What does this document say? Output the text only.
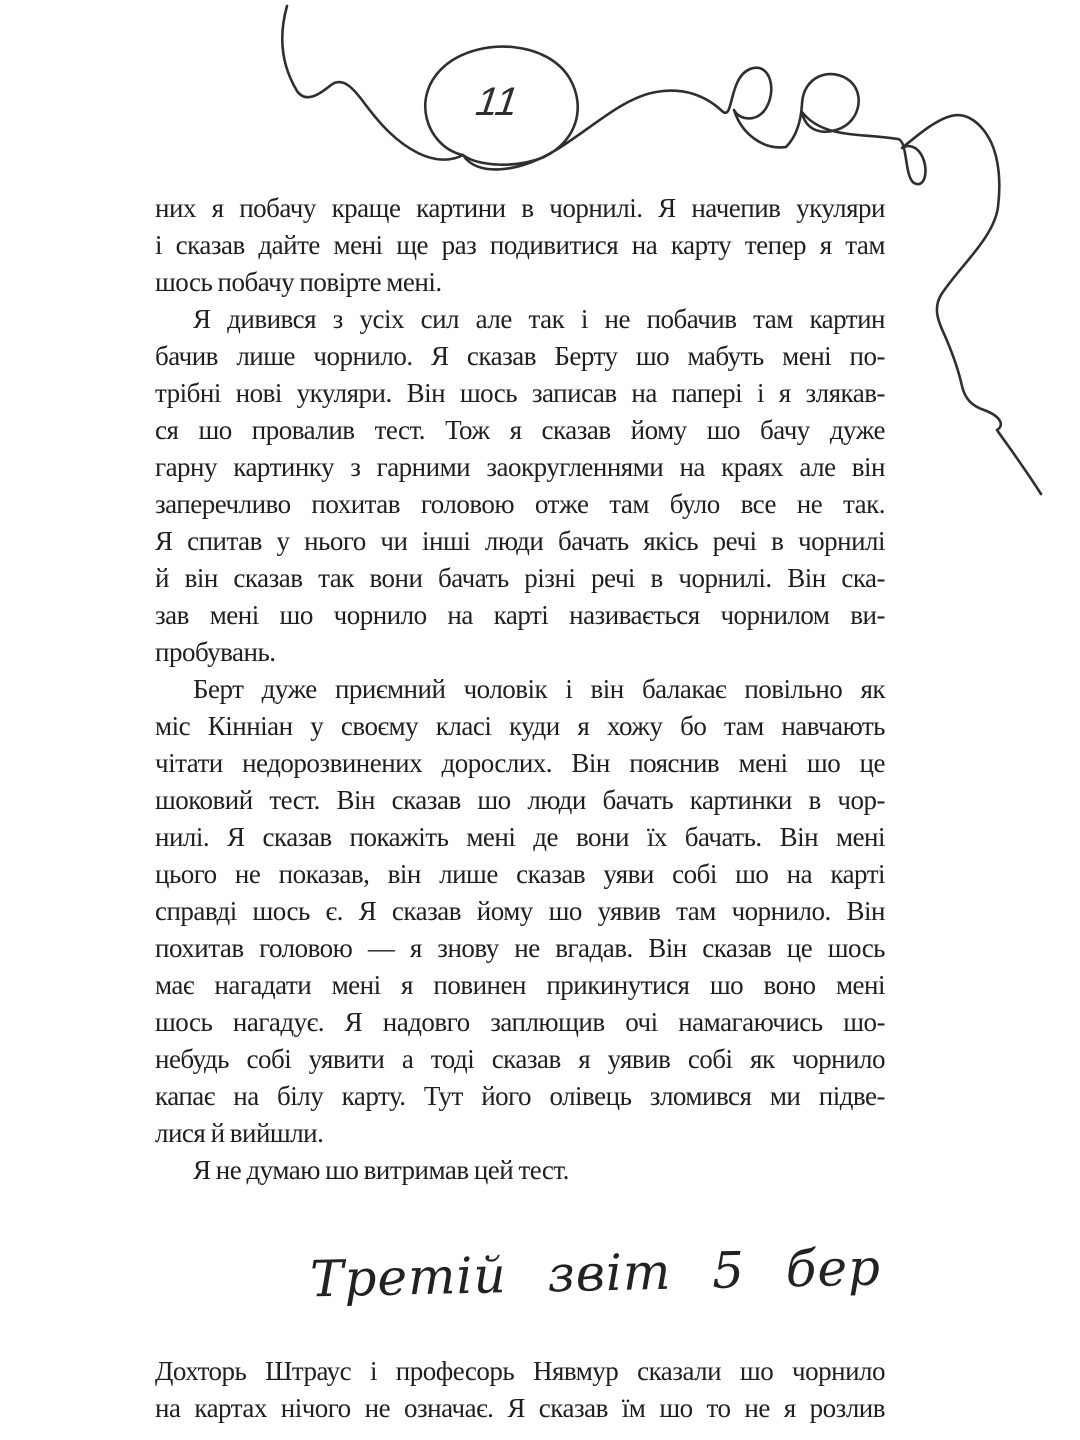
11
них я побачу краще картини в чорнилі. Я начепив укуляри
і сказав дайте мені ще раз подивитися на карту тепер я там
шось побачу повірте мені.
Я дивився з усіх сил але так і не побачив там картин
бачив лише чорнило. Я сказав Берту шо мабуть мені по-
трібні нові укуляри. Він шось записав на папері і я злякав-
ся шо провалив тест. Тож я сказав йому шо бачу дуже
гарну картинку з гарними заокругленнями на краях але він
заперечливо похитав головою отже там було все не так.
Я спитав у нього чи інші люди бачать якісь речі в чорнилі
й він сказав так вони бачать різні речі в чорнилі. Він ска-
зав мені шо чорнило на карті називається чорнилом ви-
пробувань.
Берт дуже приємний чоловік і він балакає повільно як
міс Кінніан у своєму класі куди я хожу бо там навчають
чітати недорозвинених дорослих. Він пояснив мені шо це
шоковий тест. Він сказав шо люди бачать картинки в чор-
нилі. Я сказав покажіть мені де вони їх бачать. Він мені
цього не показав, він лише сказав уяви собі шо на карті
справді шось є. Я сказав йому шо уявив там чорнило. Він
похитав головою — я знову не вгадав. Він сказав це шось
має нагадати мені я повинен прикинутися шо воно мені
шось нагадує. Я надовго заплющив очі намагаючись шо-
небудь собі уявити а тоді сказав я уявив собі як чорнило
капає на білу карту. Тут його олівець зломився ми підве-
лися й вийшли.
Я не думаю шо витримав цей тест.
Третій звіт 5 бер
Дохторь Штраус і професорь Нявмур сказали шо чорнило
на картах нічого не означає. Я сказав їм шо то не я розлив
